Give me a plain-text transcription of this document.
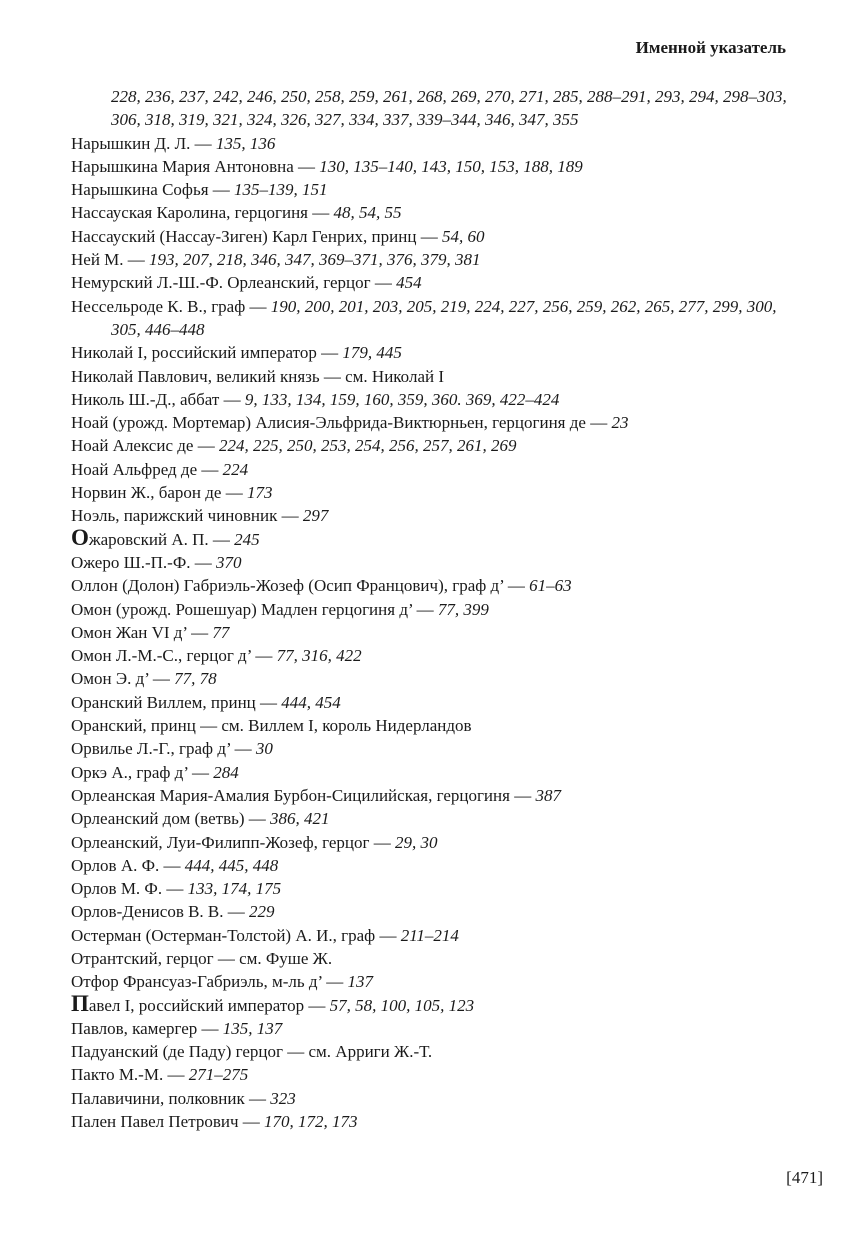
Именной указатель

228, 236, 237, 242, 246, 250, 258, 259, 261, 268, 269, 270, 271, 285, 288–291, 293, 294, 298–303, 306, 318, 319, 321, 324, 326, 327, 334, 337, 339–344, 346, 347, 355

Нарышкин Д. Л. — 135, 136

Нарышкина Мария Антоновна — 130, 135–140, 143, 150, 153, 188, 189

Нарышкина Софья — 135–139, 151

Нассауская Каролина, герцогиня — 48, 54, 55

Нассауский (Нассау-Зиген) Карл Генрих, принц — 54, 60

Ней М. — 193, 207, 218, 346, 347, 369–371, 376, 379, 381

Немурский Л.-Ш.-Ф. Орлеанский, герцог — 454

Нессельроде К. В., граф — 190, 200, 201, 203, 205, 219, 224, 227, 256, 259, 262, 265, 277, 299, 300, 305, 446–448

Николай I, российский император — 179, 445

Николай Павлович, великий князь — см. Николай I

Николь Ш.-Д., аббат — 9, 133, 134, 159, 160, 359, 360. 369, 422–424

Ноай (урожд. Мортемар) Алисия-Эльфрида-Виктюрньен, герцогиня де — 23

Ноай Алексис де — 224, 225, 250, 253, 254, 256, 257, 261, 269

Ноай Альфред де — 224

Норвин Ж., барон де — 173

Ноэль, парижский чиновник — 297

Ожаровский А. П. — 245

Ожеро Ш.-П.-Ф. — 370

Оллон (Долон) Габриэль-Жозеф (Осип Францович), граф д’ — 61–63

Омон (урожд. Рошешуар) Мадлен герцогиня д’ — 77, 399

Омон Жан VI д’ — 77

Омон Л.-М.-С., герцог д’ — 77, 316, 422

Омон Э. д’ — 77, 78

Оранский Виллем, принц — 444, 454

Оранский, принц — см. Виллем I, король Нидерландов

Орвилье Л.-Г., граф д’ — 30

Оркэ А., граф д’ — 284

Орлеанская Мария-Амалия Бурбон-Сицилийская, герцогиня — 387

Орлеанский дом (ветвь) — 386, 421

Орлеанский, Луи-Филипп-Жозеф, герцог — 29, 30

Орлов А. Ф. — 444, 445, 448

Орлов М. Ф. — 133, 174, 175

Орлов-Денисов В. В. — 229

Остерман (Остерман-Толстой) А. И., граф — 211–214

Отрантский, герцог — см. Фуше Ж.

Отфор Франсуаз-Габриэль, м-ль д’ — 137

Павел I, российский император — 57, 58, 100, 105, 123

Павлов, камергер — 135, 137

Падуанский (де Паду) герцог — см. Арриги Ж.-Т.

Пакто М.-М. — 271–275

Палавичини, полковник — 323

Пален Павел Петрович — 170, 172, 173

[471]
